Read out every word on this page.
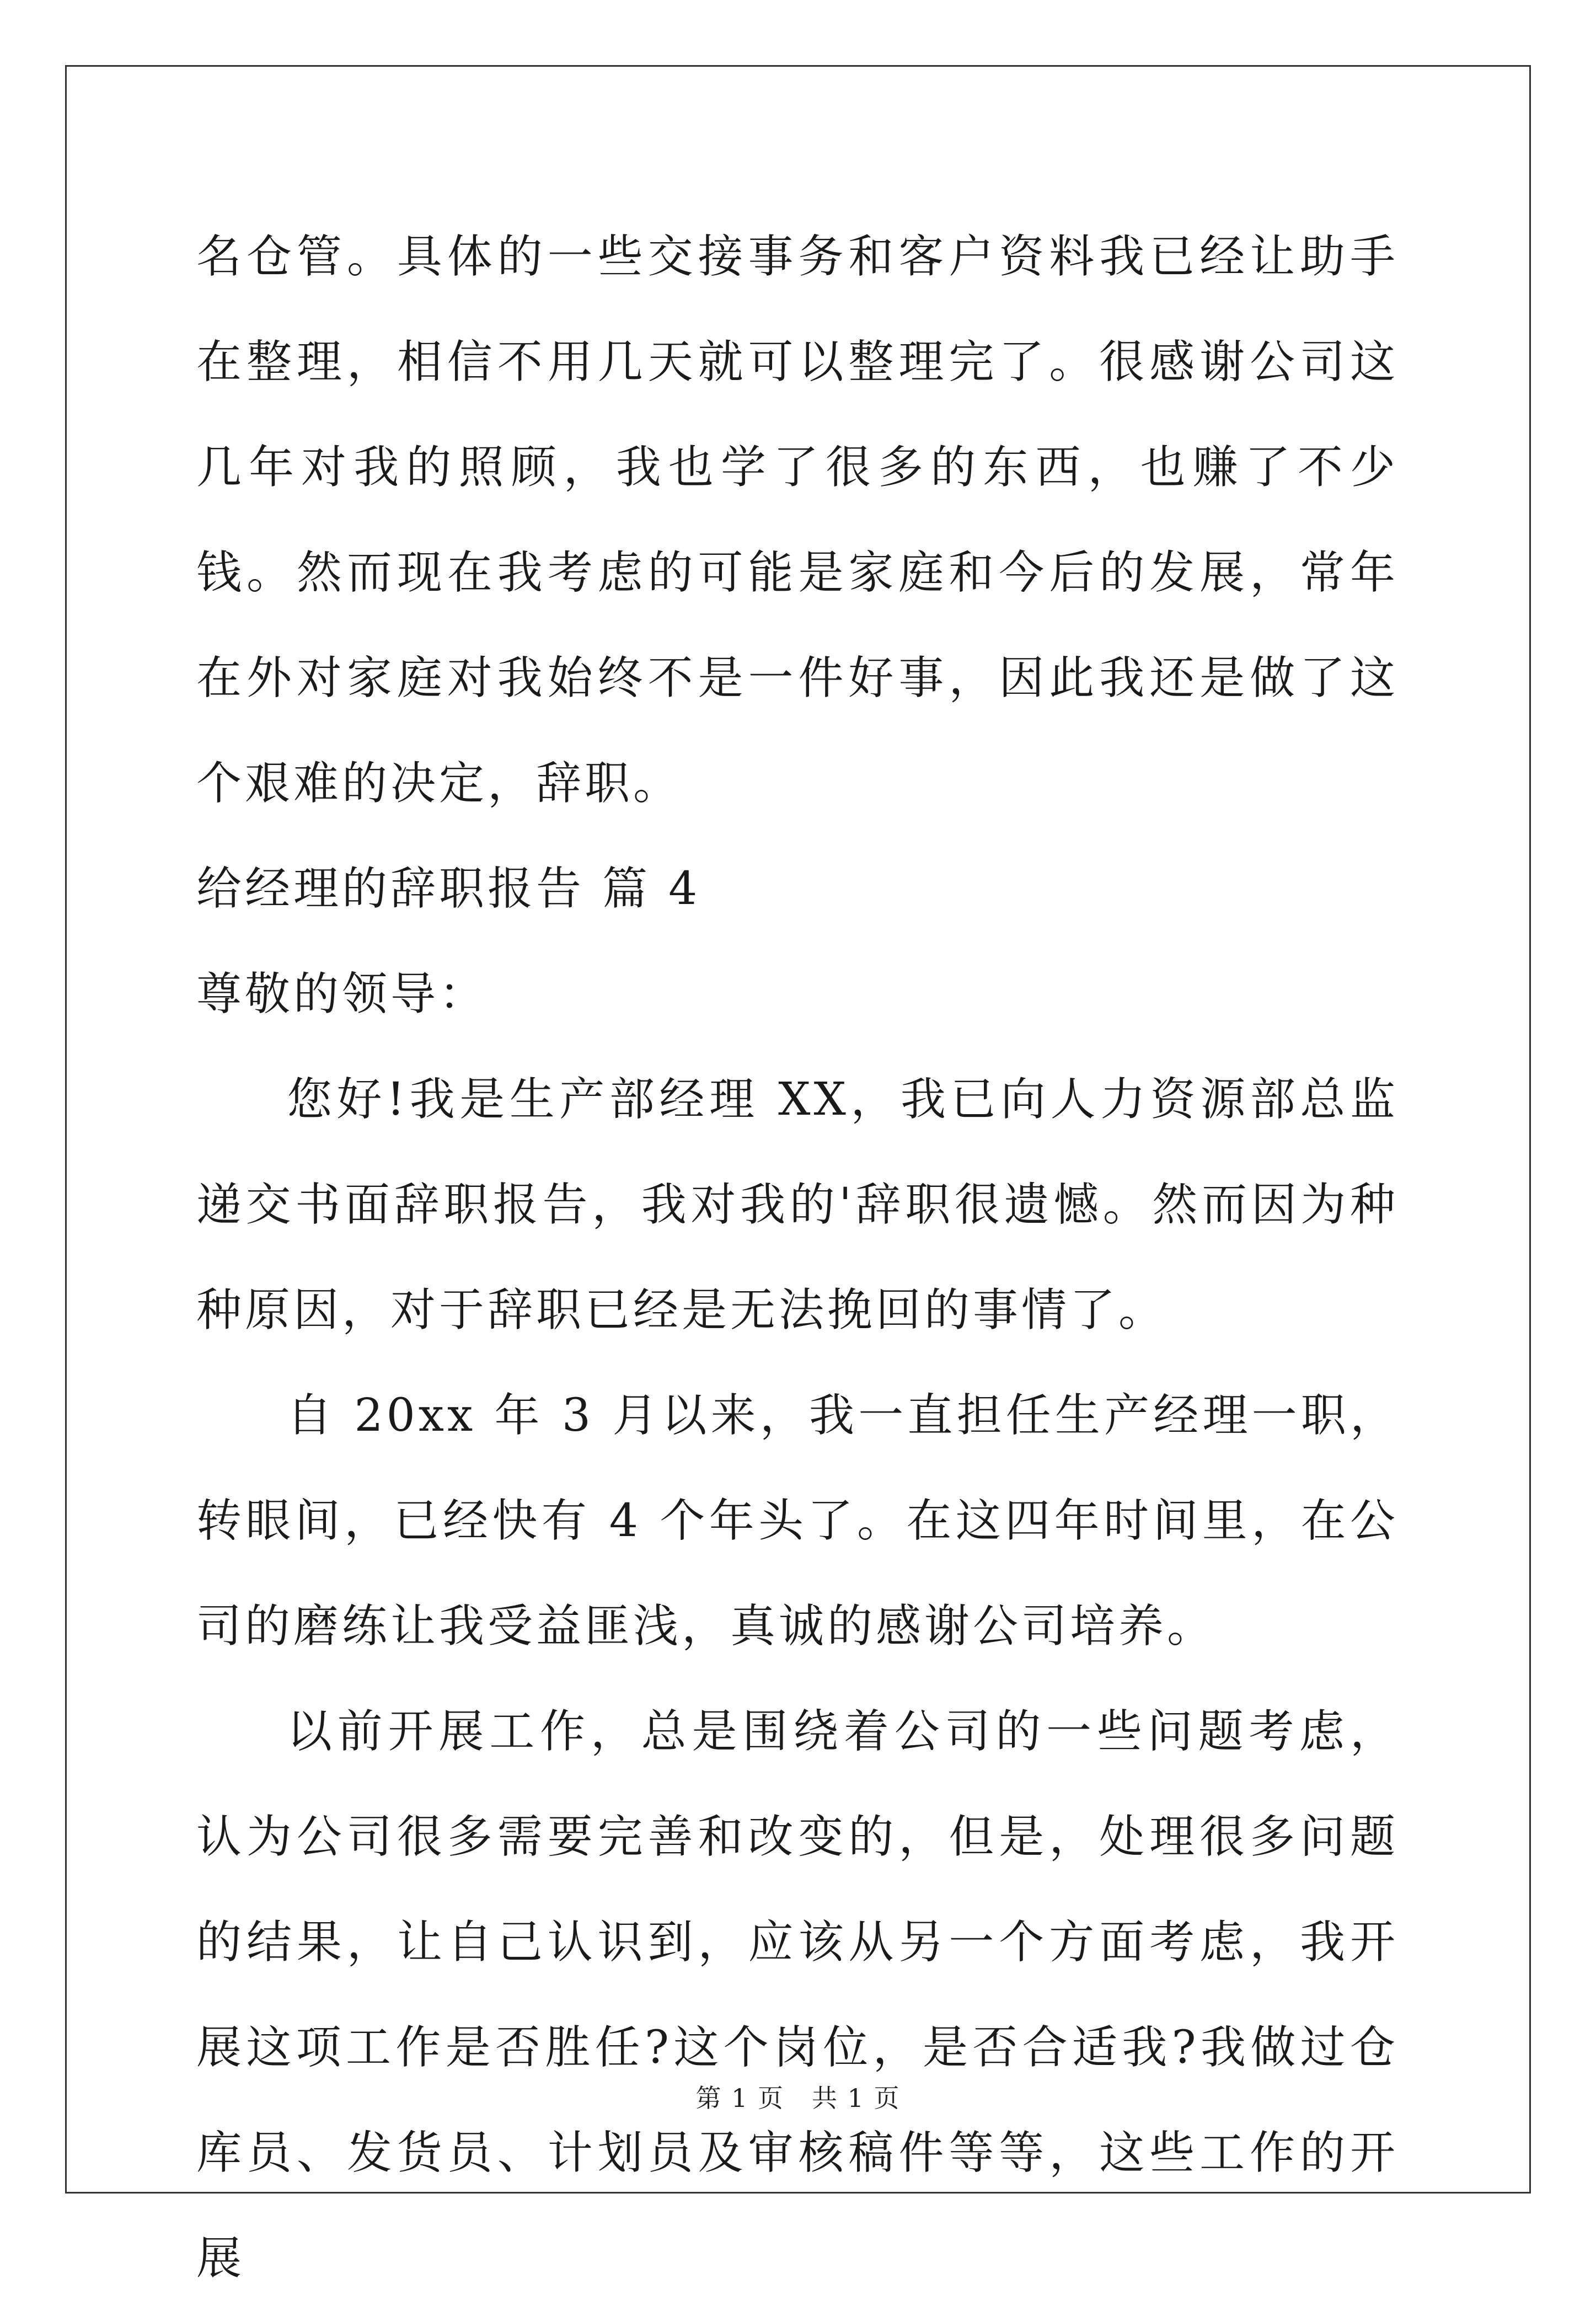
名仓管。具体的一些交接事务和客户资料我已经让助手在整理，相信不用几天就可以整理完了。很感谢公司这几年对我的照顾，我也学了很多的东西，也赚了不少钱。然而现在我考虑的可能是家庭和今后的发展，常年在外对家庭对我始终不是一件好事，因此我还是做了这个艰难的决定，辞职。

给经理的辞职报告 篇 4

尊敬的领导：

您好!我是生产部经理 XX，我已向人力资源部总监递交书面辞职报告，我对我的'辞职很遗憾。然而因为种种原因，对于辞职已经是无法挽回的事情了。

自 20xx 年 3 月以来，我一直担任生产经理一职，转眼间，已经快有 4 个年头了。在这四年时间里，在公司的磨练让我受益匪浅，真诚的感谢公司培养。

以前开展工作，总是围绕着公司的一些问题考虑，认为公司很多需要完善和改变的，但是，处理很多问题的结果，让自己认识到，应该从另一个方面考虑，我开展这项工作是否胜任?这个岗位，是否合适我?我做过仓库员、发货员、计划员及审核稿件等等，这些工作的开展

第 1 页 共 1 页
